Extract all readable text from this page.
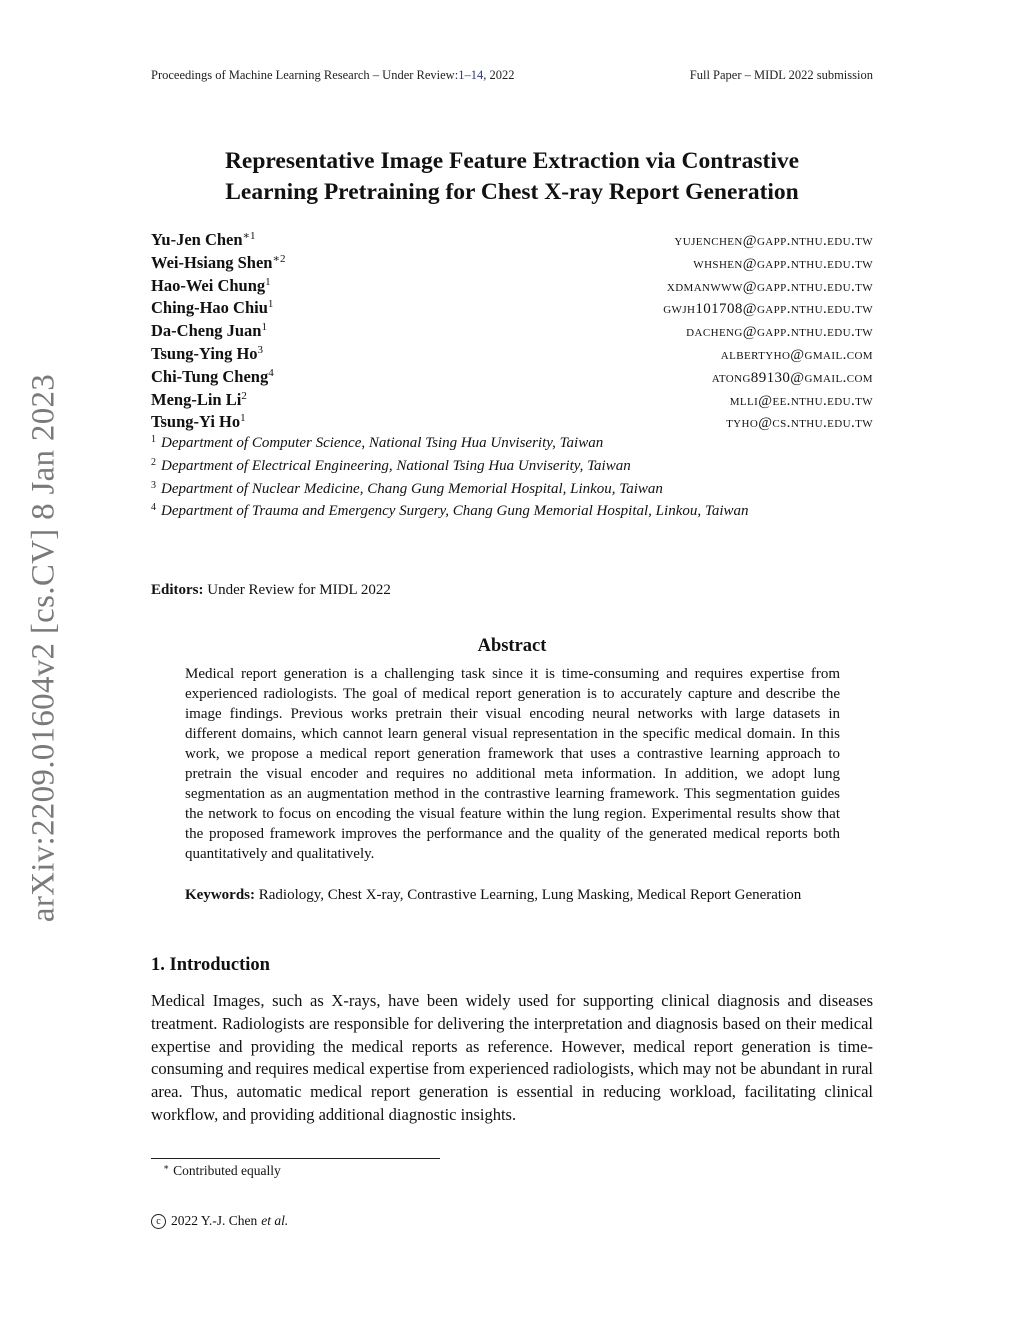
Proceedings of Machine Learning Research – Under Review:1–14, 2022	Full Paper – MIDL 2022 submission
arXiv:2209.01604v2 [cs.CV] 8 Jan 2023
Representative Image Feature Extraction via Contrastive
Learning Pretraining for Chest X-ray Report Generation
Yu-Jen Chen$^{∗1}$	yujenchen@gapp.nthu.edu.tw
Wei-Hsiang Shen$^{∗2}$	whshen@gapp.nthu.edu.tw
Hao-Wei Chung$^1$	xdmanwww@gapp.nthu.edu.tw
Ching-Hao Chiu$^1$	gwjh101708@gapp.nthu.edu.tw
Da-Cheng Juan$^1$	dacheng@gapp.nthu.edu.tw
Tsung-Ying Ho$^3$	albertyho@gmail.com
Chi-Tung Cheng$^4$	atong89130@gmail.com
Meng-Lin Li$^2$	mlli@ee.nthu.edu.tw
Tsung-Yi Ho$^1$	tyho@cs.nthu.edu.tw
$^1$ Department of Computer Science, National Tsing Hua Unviserity, Taiwan
$^2$ Department of Electrical Engineering, National Tsing Hua Unviserity, Taiwan
$^3$ Department of Nuclear Medicine, Chang Gung Memorial Hospital, Linkou, Taiwan
$^4$ Department of Trauma and Emergency Surgery, Chang Gung Memorial Hospital, Linkou, Taiwan
Editors: Under Review for MIDL 2022
Abstract

Medical report generation is a challenging task since it is time-consuming and requires expertise from experienced radiologists. The goal of medical report generation is to accurately capture and describe the image findings. Previous works pretrain their visual encoding neural networks with large datasets in different domains, which cannot learn general visual representation in the specific medical domain. In this work, we propose a medical report generation framework that uses a contrastive learning approach to pretrain the visual encoder and requires no additional meta information. In addition, we adopt lung segmentation as an augmentation method in the contrastive learning framework. This segmentation guides the network to focus on encoding the visual feature within the lung region. Experimental results show that the proposed framework improves the performance and the quality of the generated medical reports both quantitatively and qualitatively.

Keywords: Radiology, Chest X-ray, Contrastive Learning, Lung Masking, Medical Report Generation
1. Introduction

Medical Images, such as X-rays, have been widely used for supporting clinical diagnosis and diseases treatment. Radiologists are responsible for delivering the interpretation and diagnosis based on their medical expertise and providing the medical reports as reference. However, medical report generation is time-consuming and requires medical expertise from experienced radiologists, which may not be abundant in rural area. Thus, automatic medical report generation is essential in reducing workload, facilitating clinical workflow, and providing additional diagnostic insights.

∗ Contributed equally
c 2022 Y.-J. Chen et al.
